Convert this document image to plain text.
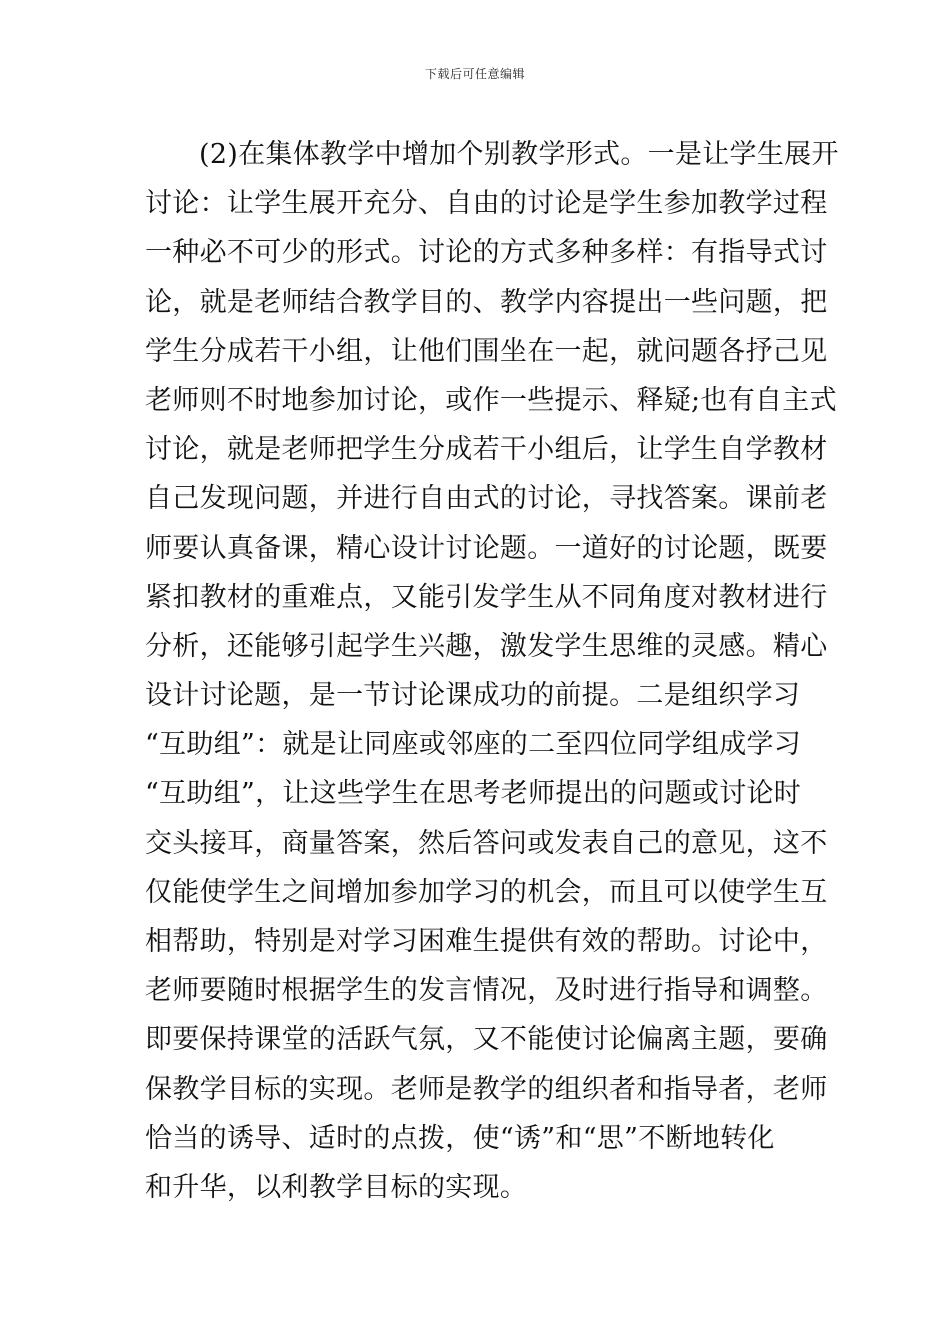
下载后可任意编辑
(2)在集体教学中增加个别教学形式。一是让学生展开
讨论：让学生展开充分、自由的讨论是学生参加教学过程
一种必不可少的形式。讨论的方式多种多样：有指导式讨
论，就是老师结合教学目的、教学内容提出一些问题，把
学生分成若干小组，让他们围坐在一起，就问题各抒己见
老师则不时地参加讨论，或作一些提示、释疑;也有自主式
讨论，就是老师把学生分成若干小组后，让学生自学教材
自己发现问题，并进行自由式的讨论，寻找答案。课前老
师要认真备课，精心设计讨论题。一道好的讨论题，既要
紧扣教材的重难点，又能引发学生从不同角度对教材进行
分析，还能够引起学生兴趣，激发学生思维的灵感。精心
设计讨论题，是一节讨论课成功的前提。二是组织学习
“互助组”：就是让同座或邻座的二至四位同学组成学习
“互助组”，让这些学生在思考老师提出的问题或讨论时
交头接耳，商量答案，然后答问或发表自己的意见，这不
仅能使学生之间增加参加学习的机会，而且可以使学生互
相帮助，特别是对学习困难生提供有效的帮助。讨论中，
老师要随时根据学生的发言情况，及时进行指导和调整。
即要保持课堂的活跃气氛，又不能使讨论偏离主题，要确
保教学目标的实现。老师是教学的组织者和指导者，老师
恰当的诱导、适时的点拨，使“诱”和“思”不断地转化
和升华，以利教学目标的实现。
